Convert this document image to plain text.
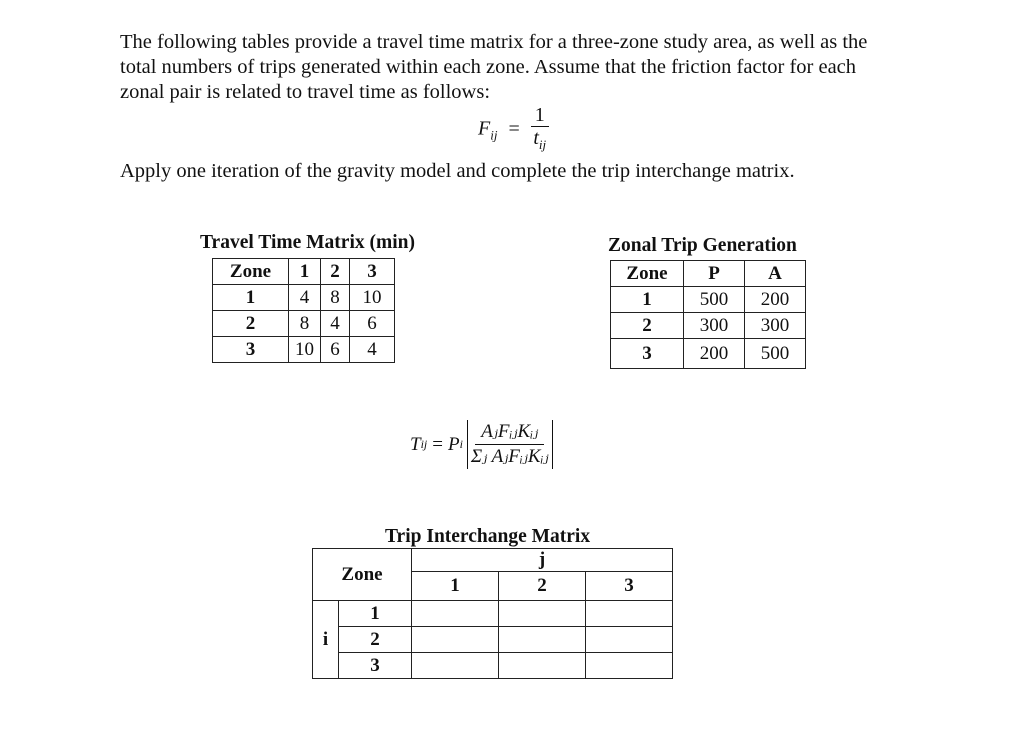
The following tables provide a travel time matrix for a three-zone study area, as well as the
total numbers of trips generated within each zone. Assume that the friction factor for each
zonal pair is related to travel time as follows:
$F_{ij} = \frac{1}{t_{ij}}$
Apply one iteration of the gravity model and complete the trip interchange matrix.
Travel Time Matrix (min)
Zone	1	2	3
1	4	8	10
2	8	4	6
3	10	6	4
Zonal Trip Generation
Zone	P	A
1	500	200
2	300	300
3	200	500
T ij = P i $\frac{\text{AⱼFᵢⱼKᵢⱼ}}{\text{Σⱼ AⱼFᵢⱼKᵢⱼ}}$
Trip Interchange Matrix
Zone		j		
		1	2	3
i	1			
	2			
	3			
